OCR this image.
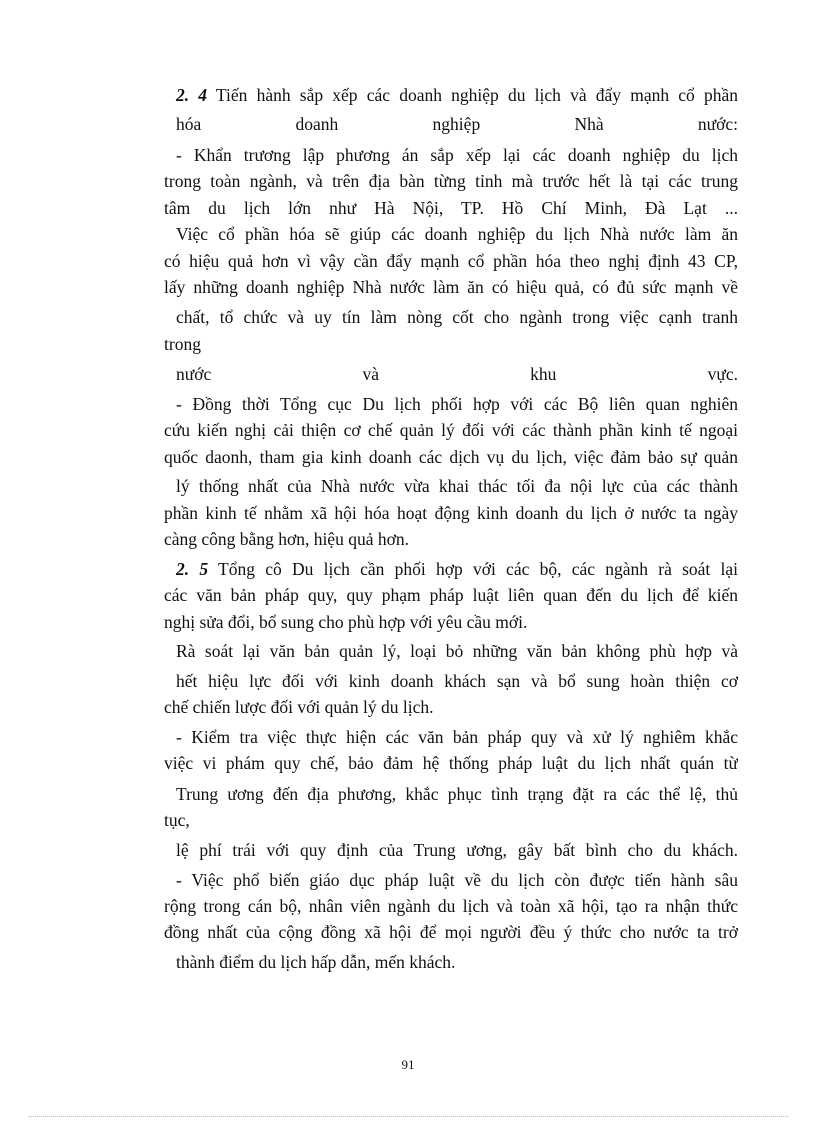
2. 4 Tiến hành sắp xếp các doanh nghiệp du lịch và đẩy mạnh cổ phần
hóa doanh nghiệp Nhà nước:
- Khẩn trương lập phương án sắp xếp lại các doanh nghiệp du lịch
trong toàn ngành, và trên địa bàn từng tỉnh mà trước hết là tại các trung
tâm du lịch lớn như Hà Nội, TP. Hồ Chí Minh, Đà Lạt ...
Việc cổ phần hóa sẽ giúp các doanh nghiệp du lịch Nhà nước làm ăn
có hiệu quả hơn vì vậy cần đẩy mạnh cổ phần hóa theo nghị định 43 CP,
lấy những doanh nghiệp Nhà nước làm ăn có hiệu quả, có đủ sức mạnh về
chất, tổ chức và uy tín làm nòng cốt cho ngành trong việc cạnh tranh
trong
nước và khu vực.
- Đồng thời Tổng cục Du lịch phối hợp với các Bộ liên quan nghiên
cứu kiến nghị cải thiện cơ chế quản lý đối với các thành phần kinh tế ngoại
quốc daonh, tham gia kinh doanh các dịch vụ du lịch, việc đảm bảo sự quản
lý thống nhất của Nhà nước vừa khai thác tối đa nội lực của các thành
phần kinh tế nhằm xã hội hóa hoạt động kinh doanh du lịch ở nước ta ngày
càng công bằng hơn, hiệu quả hơn.
2. 5 Tổng cô Du lịch cần phối hợp với các bộ, các ngành rà soát lại
các văn bản pháp quy, quy phạm pháp luật liên quan đến du lịch để kiến
nghị sửa đổi, bổ sung cho phù hợp với yêu cầu mới.
Rà soát lại văn bản quản lý, loại bỏ những văn bản không phù hợp và
hết hiệu lực đối với kinh doanh khách sạn và bổ sung hoàn thiện cơ
chế chiến lược đối với quản lý du lịch.
- Kiểm tra việc thực hiện các văn bản pháp quy và xử lý nghiêm khắc
việc vi phám quy chế, bảo đảm hệ thống pháp luật du lịch nhất quán từ
Trung ương đến địa phương, khắc phục tình trạng đặt ra các thể lệ, thủ
tục,
lệ phí trái với quy định của Trung ương, gây bất bình cho du khách.
- Việc phổ biến giáo dục pháp luật về du lịch còn được tiến hành sâu
rộng trong cán bộ, nhân viên ngành du lịch và toàn xã hội, tạo ra nhận thức
đồng nhất của cộng đồng xã hội để mọi người đều ý thức cho nước ta trở
thành điểm du lịch hấp dẫn, mến khách.
91
